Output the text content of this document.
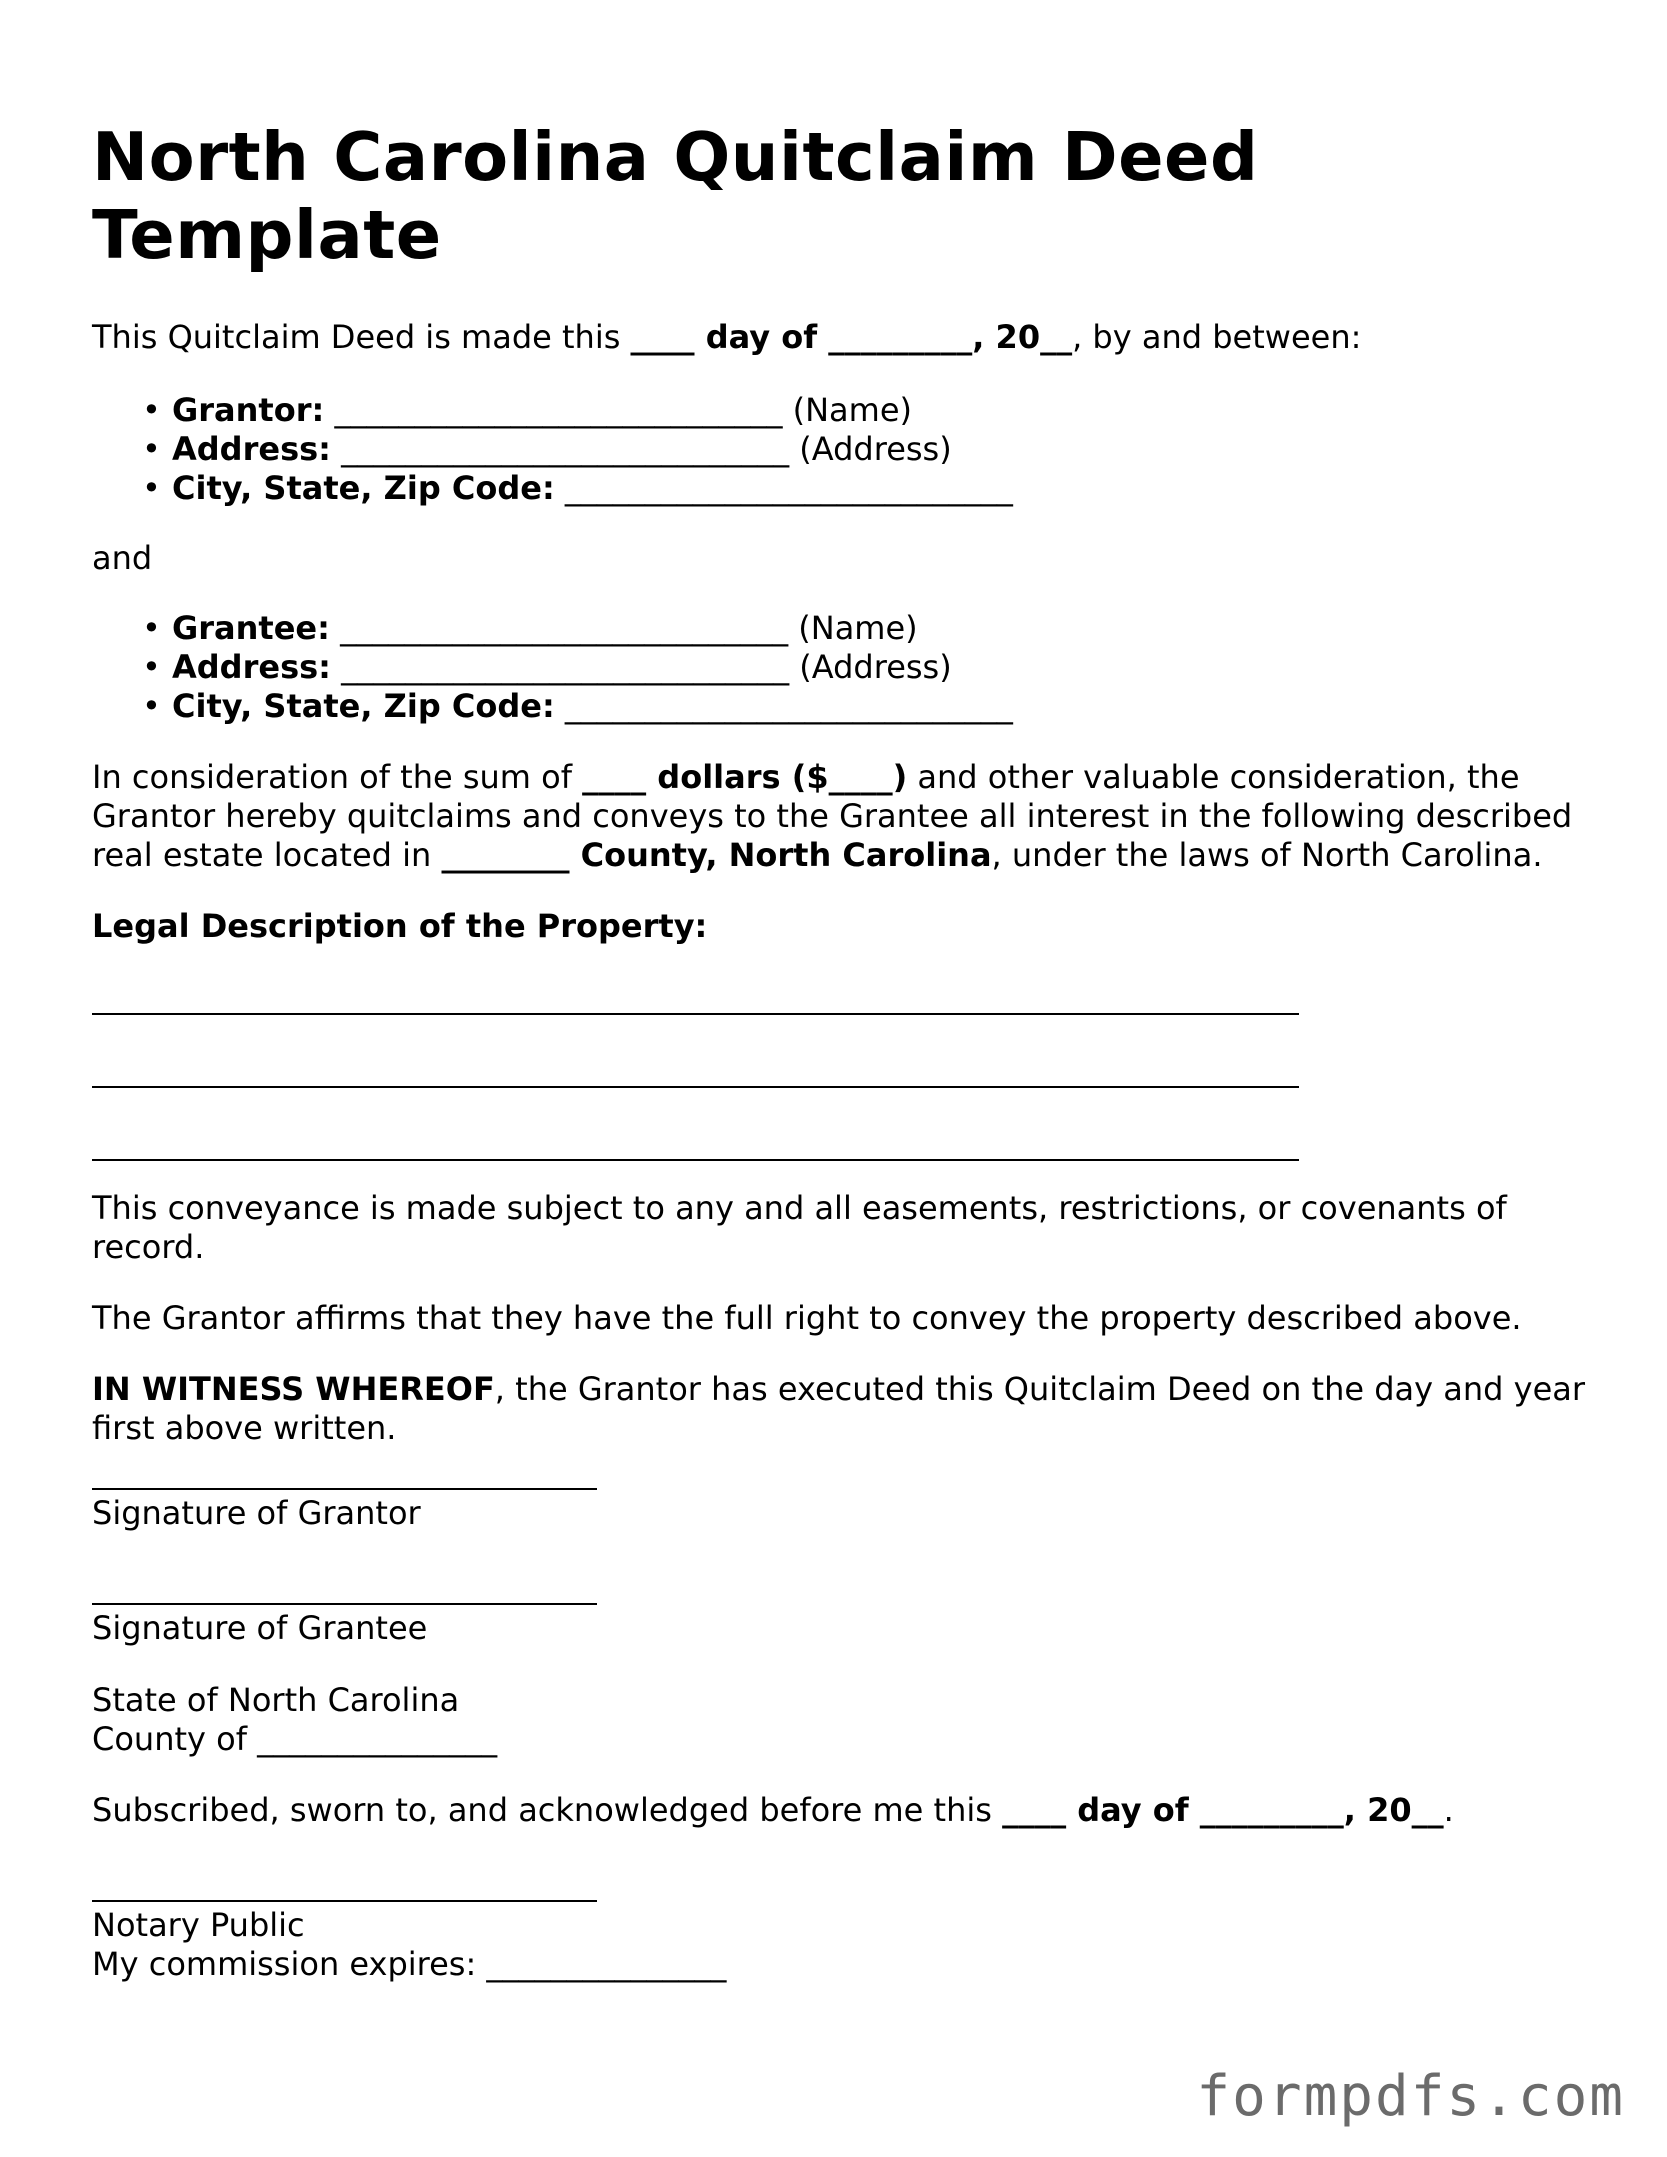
North Carolina Quitclaim Deed Template

This Quitclaim Deed is made this ____ day of _________, 20__, by and between:

• Grantor: ____________________________ (Name)
• Address: ____________________________ (Address)
• City, State, Zip Code: ____________________________

and

• Grantee: ____________________________ (Name)
• Address: ____________________________ (Address)
• City, State, Zip Code: ____________________________

In consideration of the sum of ____ dollars ($____) and other valuable consideration, the Grantor hereby quitclaims and conveys to the Grantee all interest in the following described real estate located in ________ County, North Carolina, under the laws of North Carolina.

Legal Description of the Property:

This conveyance is made subject to any and all easements, restrictions, or covenants of record.

The Grantor affirms that they have the full right to convey the property described above.

IN WITNESS WHEREOF, the Grantor has executed this Quitclaim Deed on the day and year first above written.

Signature of Grantor
Signature of Grantee

State of North Carolina

County of _______________

Subscribed, sworn to, and acknowledged before me this ____ day of _________, 20__.

Notary Public

My commission expires: _______________

formpdfs.com
